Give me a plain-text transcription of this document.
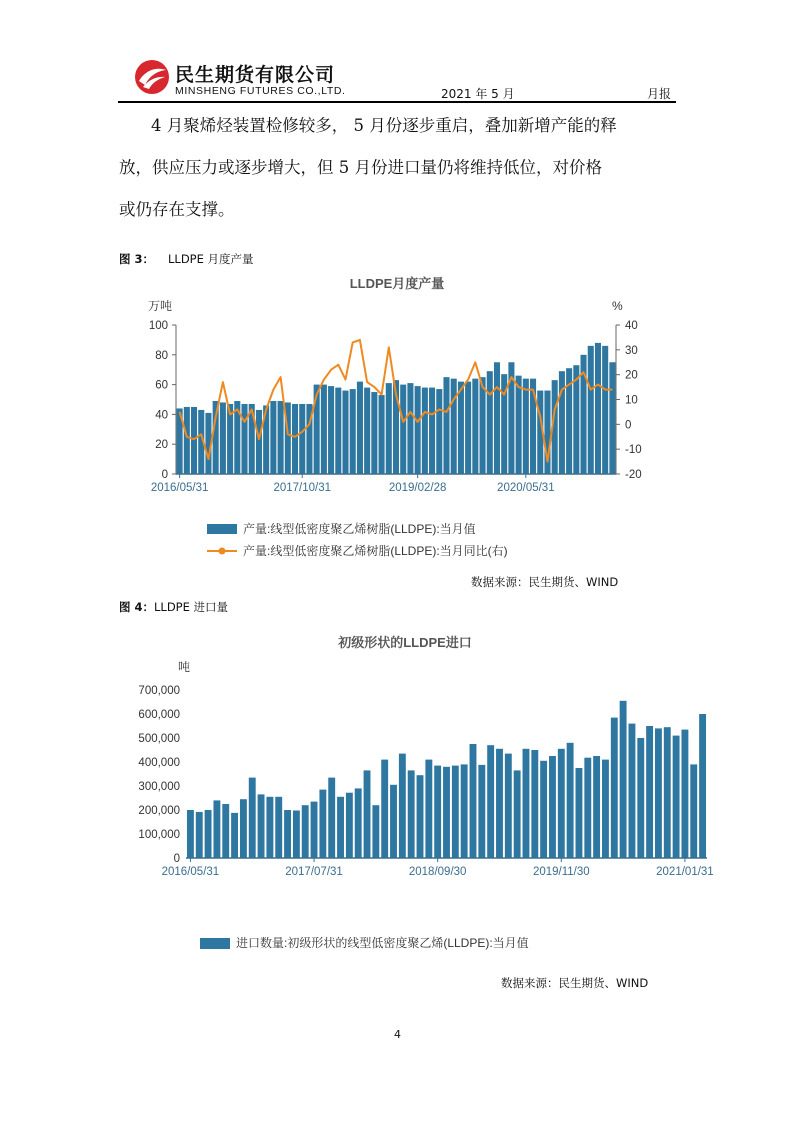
民生期货有限公司
MINSHENG FUTURES CO.,LTD.	2021 年 5 月	月报
4 月聚烯烃装置检修较多， 5 月份逐步重启，叠加新增产能的释
放，供应压力或逐步增大，但 5 月份进口量仍将维持低位，对价格
或仍存在支撑。
图 3： LLDPE 月度产量
LLDPE月度产量
万吨	%
0
20
40
60
80
100
-20
-10
0
10
20
30
40
2016/05/31	2017/10/31	2019/02/28	2020/05/31
产量:线型低密度聚乙烯树脂(LLDPE):当月值
产量:线型低密度聚乙烯树脂(LLDPE):当月同比(右)
数据来源：民生期货、WIND
图 4：LLDPE 进口量
初级形状的LLDPE进口
吨
0
100,000
200,000
300,000
400,000
500,000
600,000
700,000
2016/05/31	2017/07/31	2018/09/30	2019/11/30	2021/01/31
进口数量:初级形状的线型低密度聚乙烯(LLDPE):当月值
数据来源：民生期货、WIND
4
